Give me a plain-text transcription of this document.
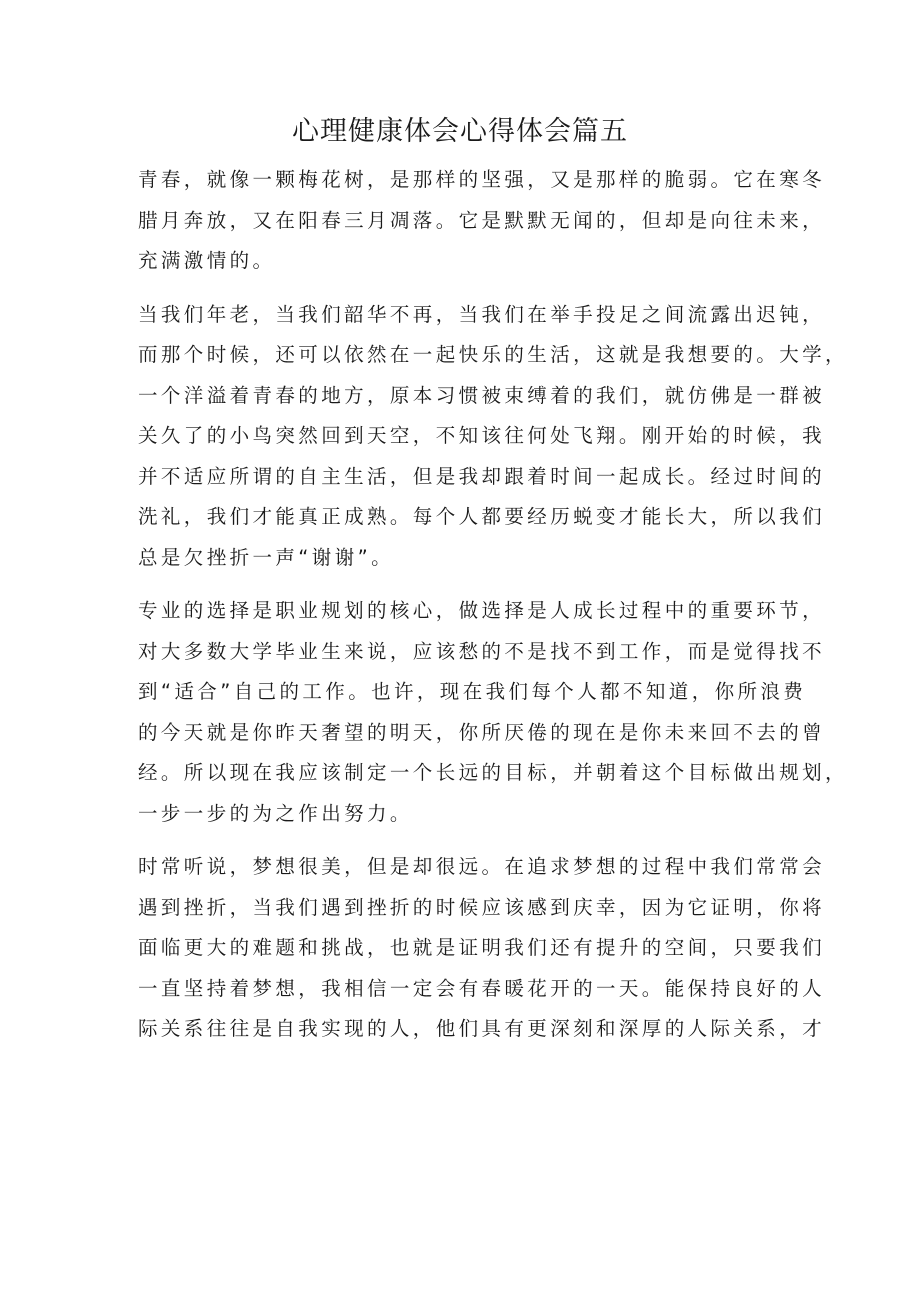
心理健康体会心得体会篇五

青春，就像一颗梅花树，是那样的坚强，又是那样的脆弱。它在寒冬
腊月奔放，又在阳春三月凋落。它是默默无闻的，但却是向往未来，
充满激情的。

当我们年老，当我们韶华不再，当我们在举手投足之间流露出迟钝，
而那个时候，还可以依然在一起快乐的生活，这就是我想要的。大学，
一个洋溢着青春的地方，原本习惯被束缚着的我们，就仿佛是一群被
关久了的小鸟突然回到天空，不知该往何处飞翔。刚开始的时候，我
并不适应所谓的自主生活，但是我却跟着时间一起成长。经过时间的
洗礼，我们才能真正成熟。每个人都要经历蜕变才能长大，所以我们
总是欠挫折一声“谢谢”。

专业的选择是职业规划的核心，做选择是人成长过程中的重要环节，
对大多数大学毕业生来说，应该愁的不是找不到工作，而是觉得找不
到“适合”自己的工作。也许，现在我们每个人都不知道，你所浪费
的今天就是你昨天奢望的明天，你所厌倦的现在是你未来回不去的曾
经。所以现在我应该制定一个长远的目标，并朝着这个目标做出规划，
一步一步的为之作出努力。

时常听说，梦想很美，但是却很远。在追求梦想的过程中我们常常会
遇到挫折，当我们遇到挫折的时候应该感到庆幸，因为它证明，你将
面临更大的难题和挑战，也就是证明我们还有提升的空间，只要我们
一直坚持着梦想，我相信一定会有春暖花开的一天。能保持良好的人
际关系往往是自我实现的人，他们具有更深刻和深厚的人际关系，才
